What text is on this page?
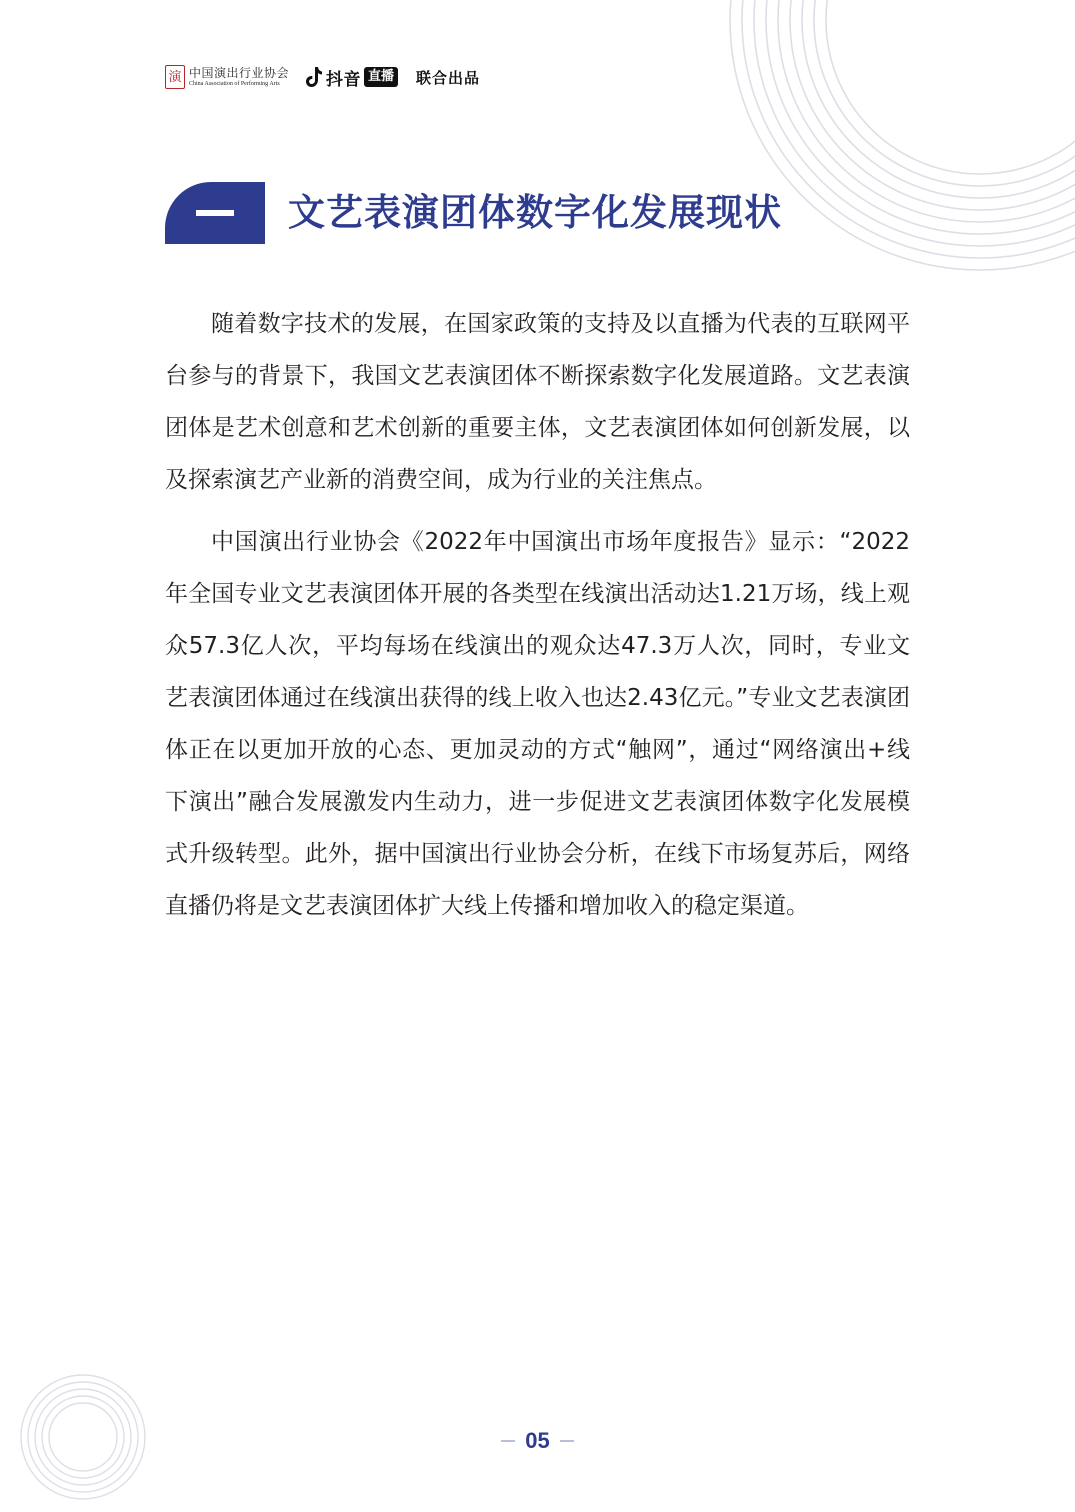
演 中国演出行业协会
China Association of Performing Arts	抖音 直播 联合出品
文艺表演团体数字化发展现状

随着数字技术的发展，在国家政策的支持及以直播为代表的互联网平台参与的背景下，我国文艺表演团体不断探索数字化发展道路。文艺表演团体是艺术创意和艺术创新的重要主体，文艺表演团体如何创新发展，以及探索演艺产业新的消费空间，成为行业的关注焦点。

中国演出行业协会《2022年中国演出市场年度报告》显示：“2022年全国专业文艺表演团体开展的各类型在线演出活动达1.21万场，线上观众57.3亿人次，平均每场在线演出的观众达47.3万人次，同时，专业文艺表演团体通过在线演出获得的线上收入也达2.43亿元。”专业文艺表演团体正在以更加开放的心态、更加灵动的方式“触网”，通过“网络演出+线下演出”融合发展激发内生动力，进一步促进文艺表演团体数字化发展模式升级转型。此外，据中国演出行业协会分析，在线下市场复苏后，网络直播仍将是文艺表演团体扩大线上传播和增加收入的稳定渠道。

05
